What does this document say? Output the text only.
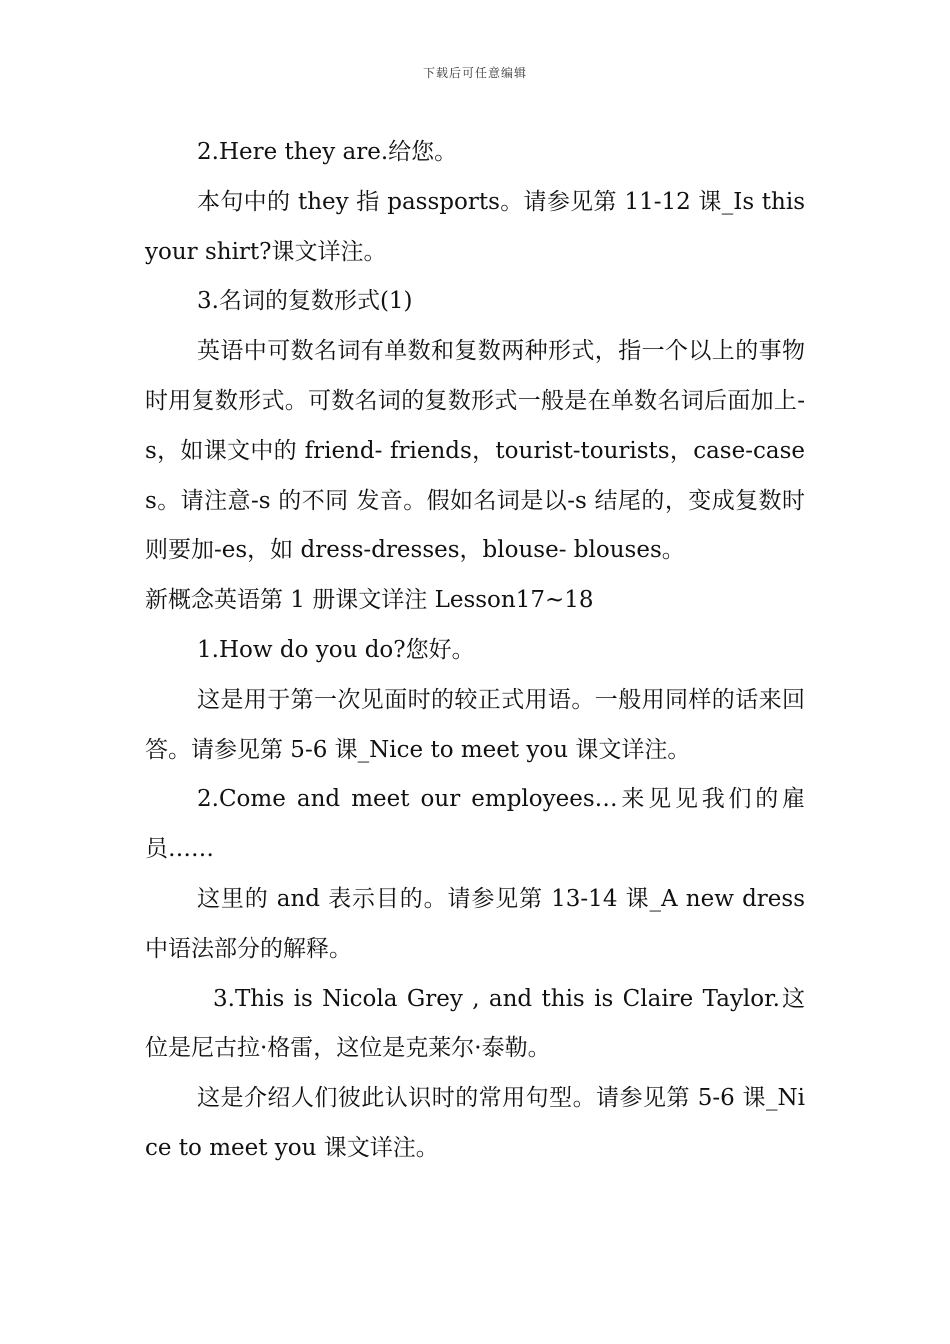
下载后可任意编辑

2.Here they are.给您。

本句中的 they 指 passports。请参见第 11-12 课_Is this your shirt?课文详注。

3.名词的复数形式(1)

英语中可数名词有单数和复数两种形式，指一个以上的事物时用复数形式。可数名词的复数形式一般是在单数名词后面加上-s，如课文中的 friend- friends，tourist-tourists，case-cases。请注意-s 的不同 发音。假如名词是以-s 结尾的，变成复数时则要加-es，如 dress-dresses，blouse- blouses。

新概念英语第 1 册课文详注 Lesson17~18

1.How do you do?您好。

这是用于第一次见面时的较正式用语。一般用同样的话来回答。请参见第 5-6 课_Nice to meet you 课文详注。

2.Come and meet our employees…来见见我们的雇员……

这里的 and 表示目的。请参见第 13-14 课_A new dress 中语法部分的解释。

3.This is Nicola Grey , and this is Claire Taylor.这位是尼古拉·格雷，这位是克莱尔·泰勒。

这是介绍人们彼此认识时的常用句型。请参见第 5-6 课_Nice to meet you 课文详注。
